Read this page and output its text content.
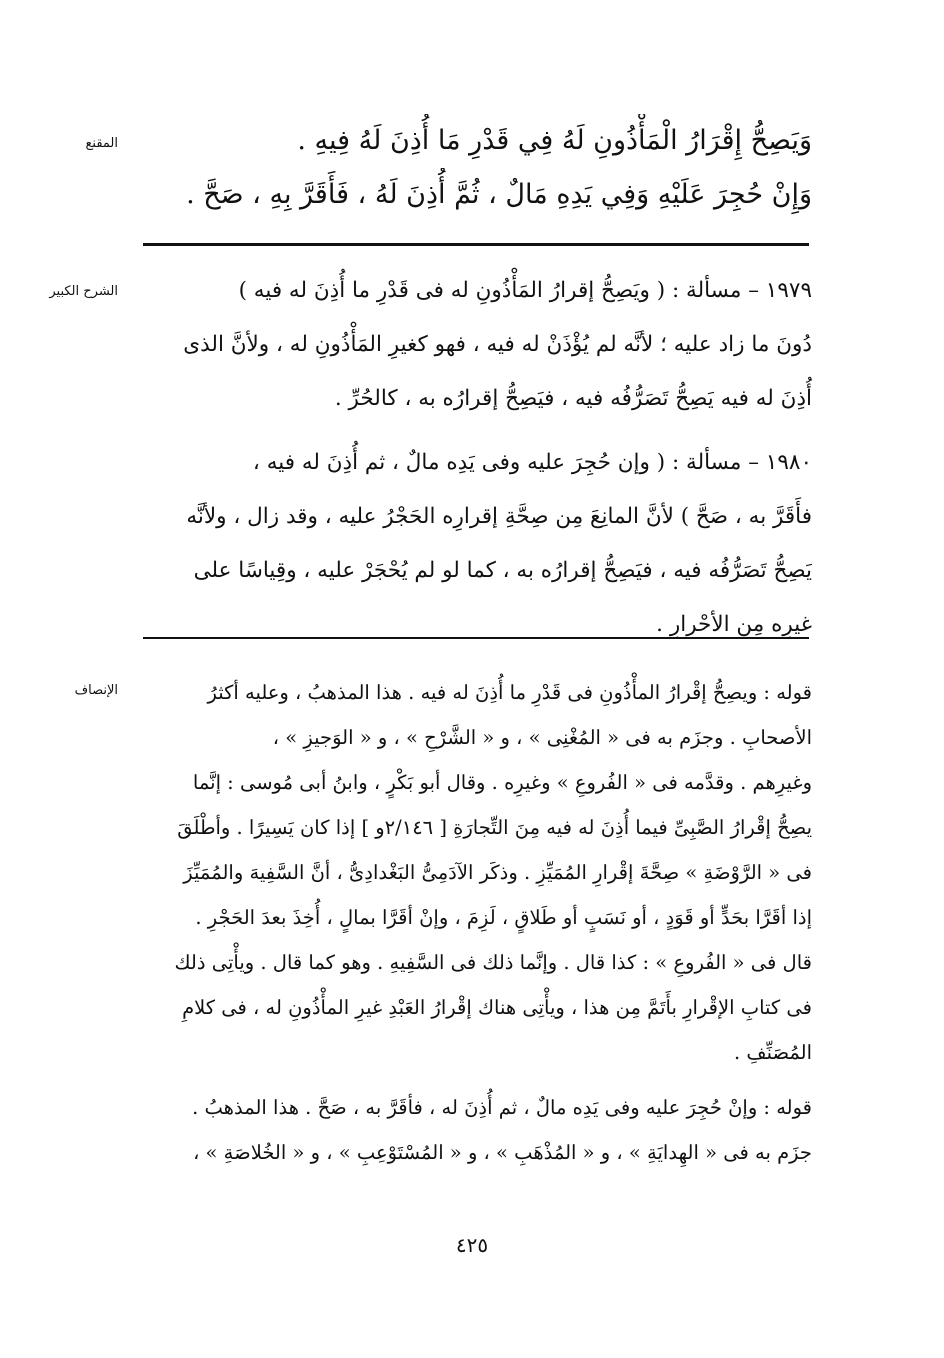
المقنع	وَيَصِحُّ إِقْرَارُ الْمَأْذُونِ لَهُ فِي قَدْرِ مَا أُذِنَ لَهُ فِيهِ .
وَإِنْ حُجِرَ عَلَيْهِ وَفِي يَدِهِ مَالٌ ، ثُمَّ أُذِنَ لَهُ ، فَأَقَرَّ بِهِ ، صَحَّ .
الشرح الكبير	١٩٧٩ – مسألة : ( ويَصِحُّ إقرارُ المَأْذُونِ له فى قَدْرِ ما أُذِنَ له فيه )
دُونَ ما زاد عليه ؛ لأنَّه لم يُؤْذَنْ له فيه ، فهو كغيرِ المَأْذُونِ له ، ولأنَّ الذى
أُذِنَ له فيه يَصِحُّ تَصَرُّفُه فيه ، فيَصِحُّ إقرارُه به ، كالحُرِّ .
١٩٨٠ – مسألة : ( وإن حُجِرَ عليه وفى يَدِه مالٌ ، ثم أُذِنَ له فيه ،
فأَقَرَّ به ، صَحَّ ) لأنَّ المانِعَ مِن صِحَّةِ إقرارِه الحَجْرُ عليه ، وقد زال ، ولأنَّه
يَصِحُّ تَصَرُّفُه فيه ، فيَصِحُّ إقرارُه به ، كما لو لم يُحْجَرْ عليه ، وقِياسًا على
غيرِه مِن الأحْرارِ .
الإنصاف	قوله : ويصِحُّ إقْرارُ المأْذُونِ فى قَدْرِ ما أُذِنَ له فيه . هذا المذهبُ ، وعليه أكثرُ
الأصحابِ . وجزَم به فى « المُغْنِى » ، و « الشَّرْحِ » ، و « الوَجيزِ » ،
وغيرِهم . وقدَّمه فى « الفُروعِ » وغيرِه . وقال أبو بَكْرٍ ، وابنُ أبى مُوسى : إنَّما
يصِحُّ إقْرارُ الصَّبِىِّ فيما أُذِنَ له فيه مِنَ التِّجارَةِ [ ٢/١٤٦و ] إذا كان يَسِيرًا . وأطْلَقَ
فى « الرَّوْضَةِ » صِحَّةَ إقْرارِ المُمَيِّزِ . وذكَر الآدَمِىُّ البَغْدادِىُّ ، أنَّ السَّفِيهَ والمُمَيِّزَ
إذا أقَرَّا بحَدٍّ أو قَوَدٍ ، أو نَسَبٍ أو طَلاقٍ ، لَزِمَ ، وإنْ أقَرَّا بمالٍ ، أُخِذَ بعدَ الحَجْرِ .
قال فى « الفُروعِ » : كذا قال . وإنَّما ذلك فى السَّفِيهِ . وهو كما قال . ويأْتِى ذلك
فى كتابِ الإقْرارِ بأَتَمَّ مِن هذا ، ويأْتِى هناك إقْرارُ العَبْدِ غيرِ المأْذُونِ له ، فى كلامِ
المُصَنِّفِ .
قوله : وإنْ حُجِرَ عليه وفى يَدِه مالٌ ، ثم أُذِنَ له ، فأقَرَّ به ، صَحَّ . هذا المذهبُ .
جزَم به فى « الهِدايَةِ » ، و « المُذْهَبِ » ، و « المُسْتَوْعِبِ » ، و « الخُلاصَةِ » ،
٤٢٥
